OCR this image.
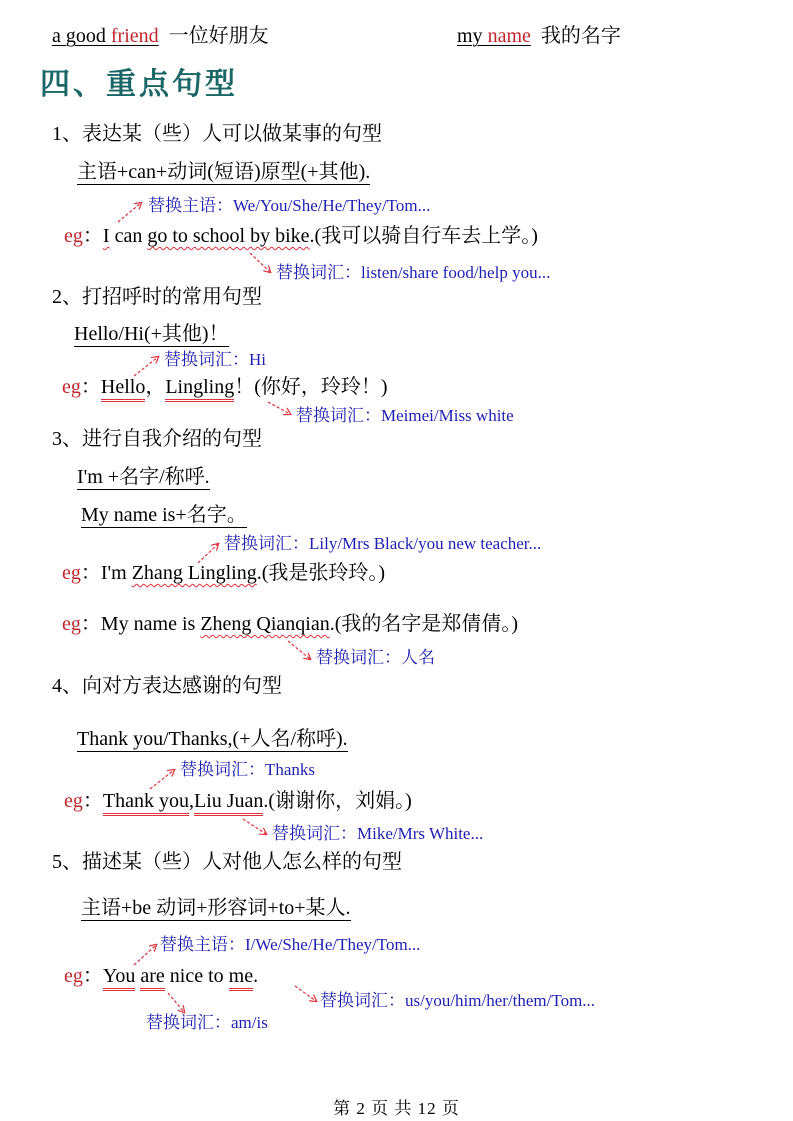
a good friend 一位好朋友	my name 我的名字
四、重点句型
1、表达某（些）人可以做某事的句型
主语+can+动词(短语)原型(+其他).
替换主语：We/You/She/He/They/Tom...
eg：I can go to school by bike.(我可以骑自行车去上学。)
替换词汇：listen/share food/help you...
2、打招呼时的常用句型
Hello/Hi(+其他)！
替换词汇：Hi
eg：Hello，Lingling！(你好，玲玲！)
替换词汇：Meimei/Miss white
3、进行自我介绍的句型
I'm +名字/称呼.
My name is+名字。
替换词汇：Lily/Mrs Black/you new teacher...
eg：I'm Zhang Lingling.(我是张玲玲。)
eg：My name is Zheng Qianqian.(我的名字是郑倩倩。)
替换词汇：人名
4、向对方表达感谢的句型
Thank you/Thanks,(+人名/称呼).
替换词汇：Thanks
eg：Thank you,Liu Juan.(谢谢你，刘娟。)
替换词汇：Mike/Mrs White...
5、描述某（些）人对他人怎么样的句型
主语+be 动词+形容词+to+某人.
替换主语：I/We/She/He/They/Tom...
eg：You are nice to me.
替换词汇：us/you/him/her/them/Tom...
替换词汇：am/is
第 2 页 共 12 页
